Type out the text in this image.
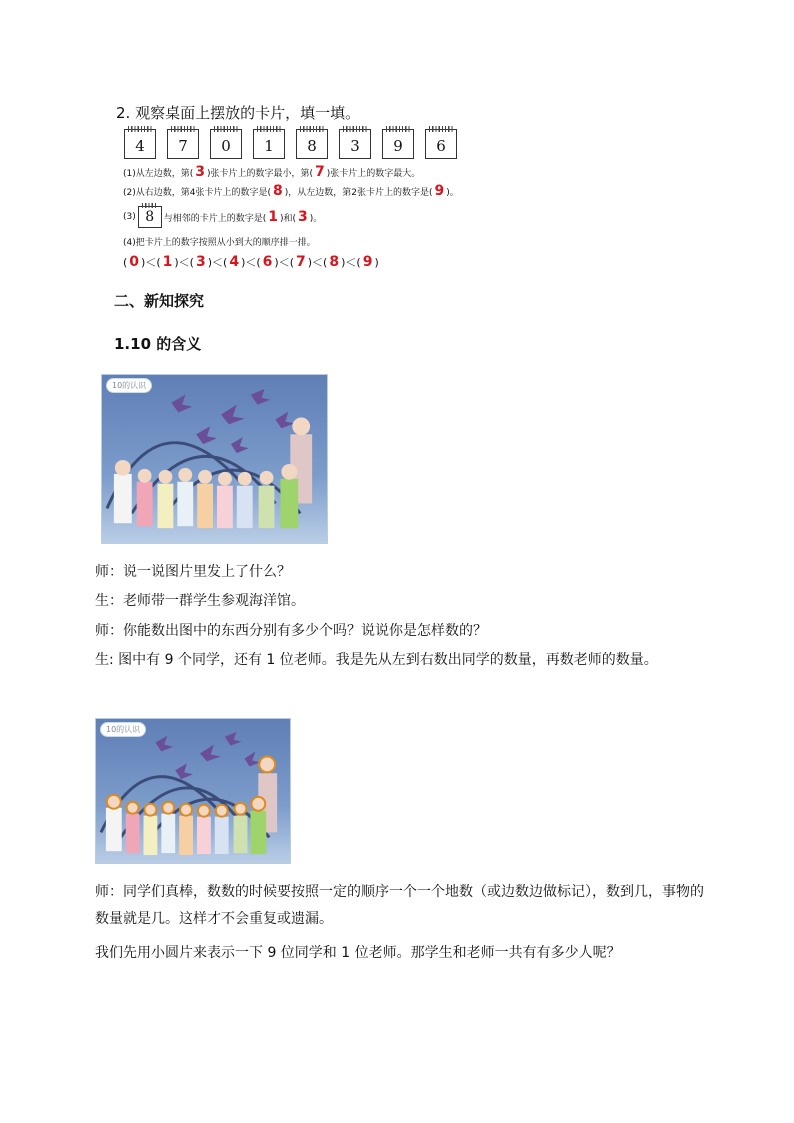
2. 观察桌面上摆放的卡片，填一填。
4 7 0 1 8 3 9 6
(1)从左边数，第( 3 )张卡片上的数字最小，第( 7 )张卡片上的数字最大。
(2)从右边数，第4张卡片上的数字是( 8 )，从左边数，第2张卡片上的数字是( 9 )。
(3) 8 与相邻的卡片上的数字是( 1 )和( 3 )。
(4)把卡片上的数字按照从小到大的顺序排一排。
( 0 )＜( 1 )＜( 3 )＜( 4 )＜( 6 )＜( 7 )＜( 8 )＜( 9 )
二、新知探究
1.10 的含义
10的认识
师：说一说图片里发上了什么？
生：老师带一群学生参观海洋馆。
师：你能数出图中的东西分别有多少个吗？说说你是怎样数的？
生: 图中有 9 个同学，还有 1 位老师。我是先从左到右数出同学的数量，再数老师的数量。
10的认识
师：同学们真棒，数数的时候要按照一定的顺序一个一个地数（或边数边做标记），数到几，事物的数量就是几。这样才不会重复或遗漏。
我们先用小圆片来表示一下 9 位同学和 1 位老师。那学生和老师一共有有多少人呢？
